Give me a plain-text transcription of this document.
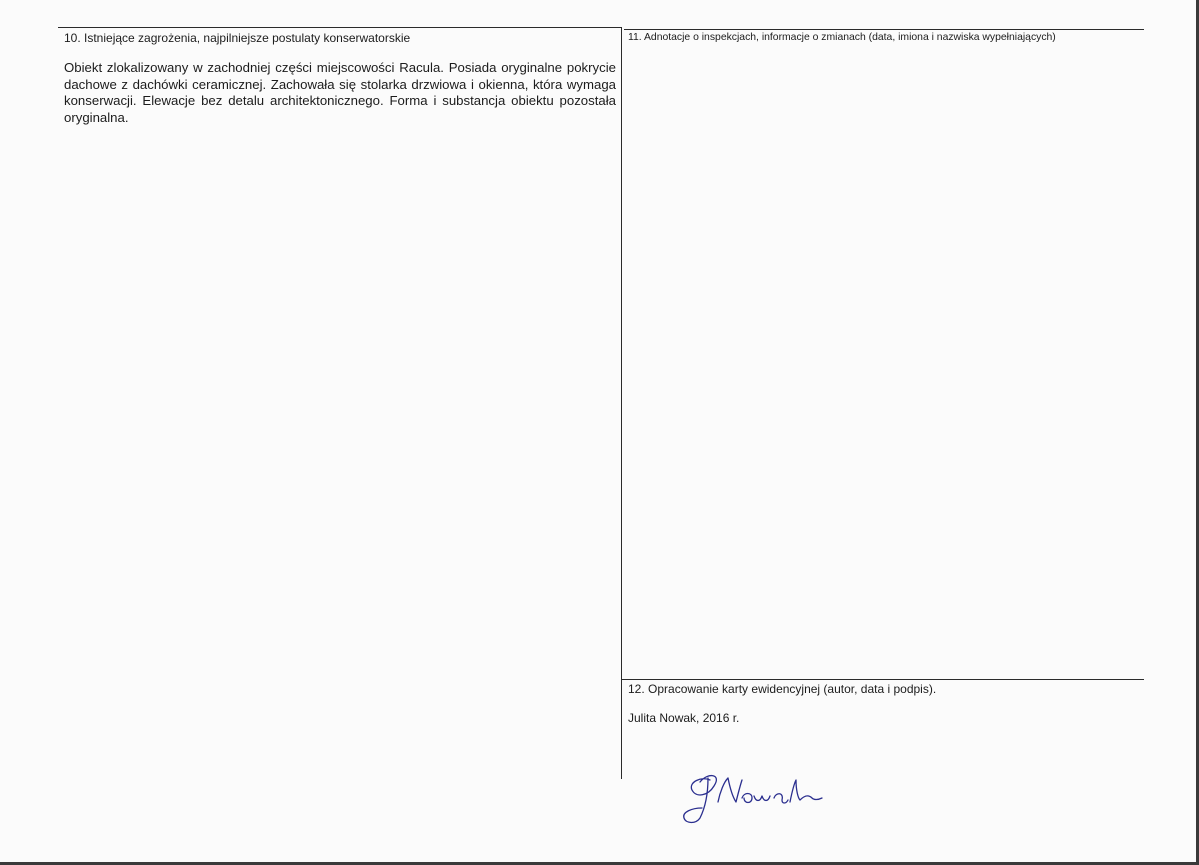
10. Istniejące zagrożenia, najpilniejsze postulaty konserwatorskie
Obiekt zlokalizowany w zachodniej części miejscowości Racula. Posiada oryginalne pokrycie dachowe z dachówki ceramicznej. Zachowała się stolarka drzwiowa i okienna, która wymaga konserwacji. Elewacje bez detalu architektonicznego. Forma i substancja obiektu pozostała oryginalna.
11. Adnotacje o inspekcjach, informacje o zmianach (data, imiona i nazwiska wypełniających)
12. Opracowanie karty ewidencyjnej (autor, data i podpis).
Julita Nowak, 2016 r.
